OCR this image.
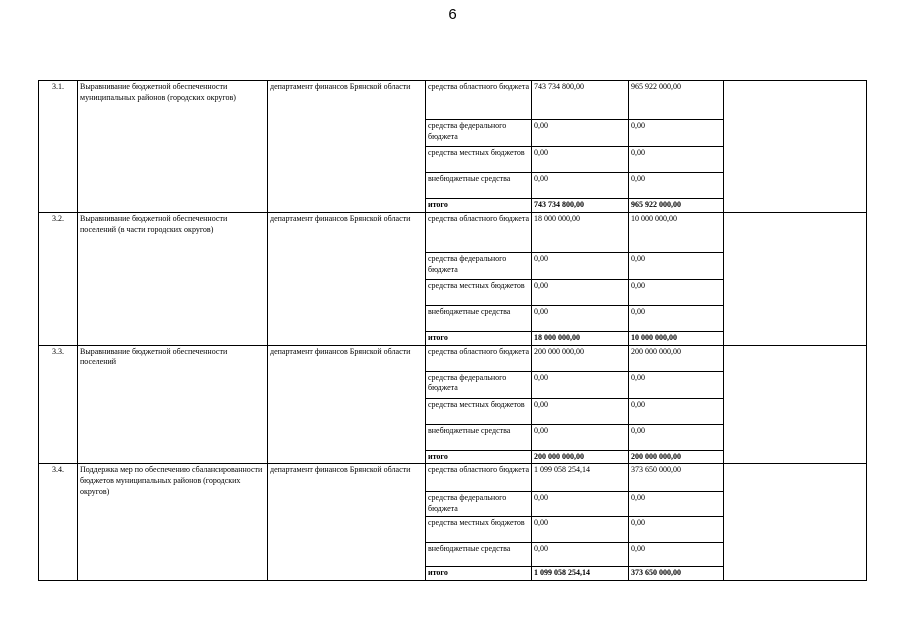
6
3.1.	Выравнивание бюджетной обеспеченности муниципальных районов (городских округов)	департамент финансов Брянской области	средства областного бюджета	743 734 800,00	965 922 000,00	
			средства федерального бюджета	0,00	0,00	
			средства местных бюджетов	0,00	0,00	
			внебюджетные средства	0,00	0,00	
			итого	743 734 800,00	965 922 000,00	
3.2.	Выравнивание бюджетной обеспеченности поселений (в части городских округов)	департамент финансов Брянской области	средства областного бюджета	18 000 000,00	10 000 000,00	
			средства федерального бюджета	0,00	0,00	
			средства местных бюджетов	0,00	0,00	
			внебюджетные средства	0,00	0,00	
			итого	18 000 000,00	10 000 000,00	
3.3.	Выравнивание бюджетной обеспеченности поселений	департамент финансов Брянской области	средства областного бюджета	200 000 000,00	200 000 000,00	
			средства федерального бюджета	0,00	0,00	
			средства местных бюджетов	0,00	0,00	
			внебюджетные средства	0,00	0,00	
			итого	200 000 000,00	200 000 000,00	
3.4.	Поддержка мер по обеспечению сбалансированности бюджетов муниципальных районов (городских округов)	департамент финансов Брянской области	средства областного бюджета	1 099 058 254,14	373 650 000,00	
			средства федерального бюджета	0,00	0,00	
			средства местных бюджетов	0,00	0,00	
			внебюджетные средства	0,00	0,00	
			итого	1 099 058 254,14	373 650 000,00	
